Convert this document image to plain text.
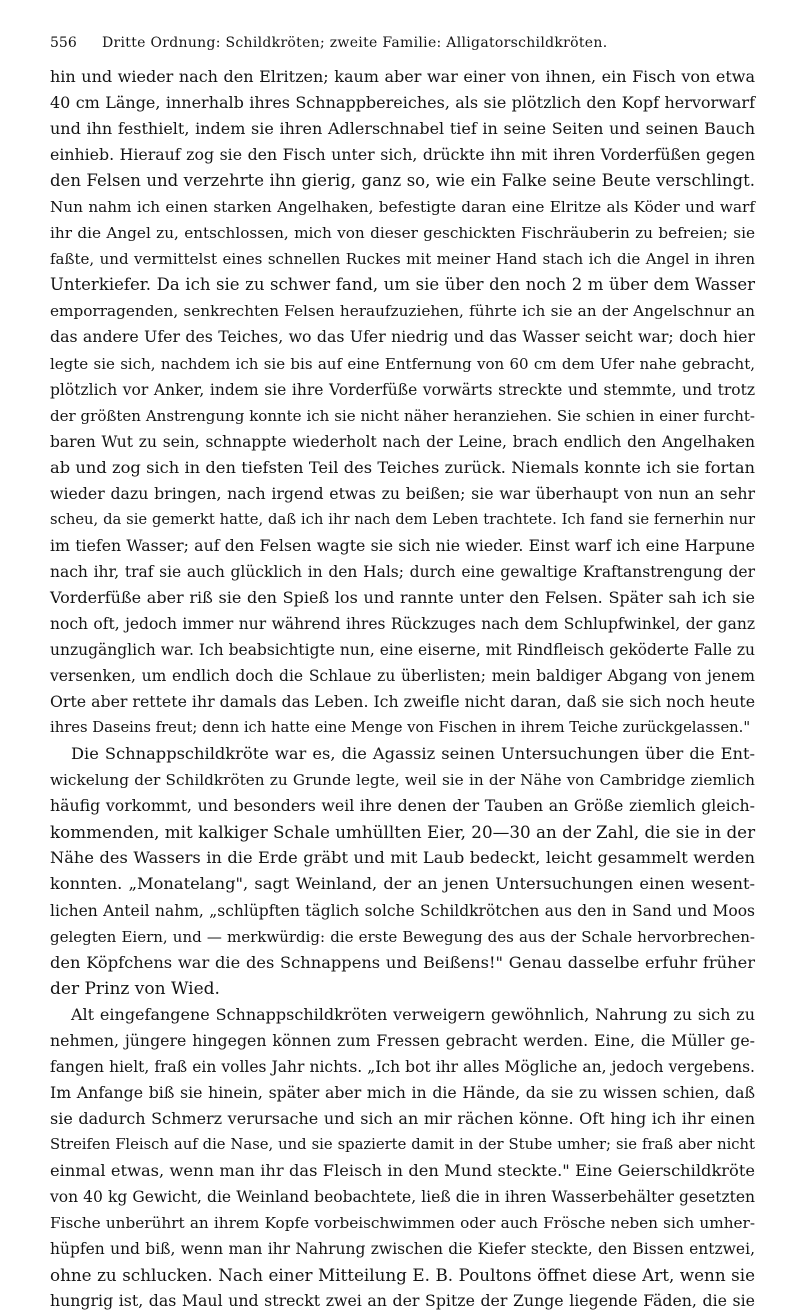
556	Dritte Ordnung: Schildkröten; zweite Familie: Alligatorschildkröten.
hin und wieder nach den Elritzen; kaum aber war einer von ihnen, ein Fisch von etwa
40 cm Länge, innerhalb ihres Schnappbereiches, als sie plötzlich den Kopf hervorwarf
und ihn festhielt, indem sie ihren Adlerschnabel tief in seine Seiten und seinen Bauch
einhieb. Hierauf zog sie den Fisch unter sich, drückte ihn mit ihren Vorderfüßen gegen
den Felsen und verzehrte ihn gierig, ganz so, wie ein Falke seine Beute verschlingt.
Nun nahm ich einen starken Angelhaken, befestigte daran eine Elritze als Köder und warf
ihr die Angel zu, entschlossen, mich von dieser geschickten Fischräuberin zu befreien; sie
faßte, und vermittelst eines schnellen Ruckes mit meiner Hand stach ich die Angel in ihren
Unterkiefer. Da ich sie zu schwer fand, um sie über den noch 2 m über dem Wasser
emporragenden, senkrechten Felsen heraufzuziehen, führte ich sie an der Angelschnur an
das andere Ufer des Teiches, wo das Ufer niedrig und das Wasser seicht war; doch hier
legte sie sich, nachdem ich sie bis auf eine Entfernung von 60 cm dem Ufer nahe gebracht,
plötzlich vor Anker, indem sie ihre Vorderfüße vorwärts streckte und stemmte, und trotz
der größten Anstrengung konnte ich sie nicht näher heranziehen. Sie schien in einer furcht-
baren Wut zu sein, schnappte wiederholt nach der Leine, brach endlich den Angelhaken
ab und zog sich in den tiefsten Teil des Teiches zurück. Niemals konnte ich sie fortan
wieder dazu bringen, nach irgend etwas zu beißen; sie war überhaupt von nun an sehr
scheu, da sie gemerkt hatte, daß ich ihr nach dem Leben trachtete. Ich fand sie fernerhin nur
im tiefen Wasser; auf den Felsen wagte sie sich nie wieder. Einst warf ich eine Harpune
nach ihr, traf sie auch glücklich in den Hals; durch eine gewaltige Kraftanstrengung der
Vorderfüße aber riß sie den Spieß los und rannte unter den Felsen. Später sah ich sie
noch oft, jedoch immer nur während ihres Rückzuges nach dem Schlupfwinkel, der ganz
unzugänglich war. Ich beabsichtigte nun, eine eiserne, mit Rindfleisch geköderte Falle zu
versenken, um endlich doch die Schlaue zu überlisten; mein baldiger Abgang von jenem
Orte aber rettete ihr damals das Leben. Ich zweifle nicht daran, daß sie sich noch heute
ihres Daseins freut; denn ich hatte eine Menge von Fischen in ihrem Teiche zurückgelassen."
Die Schnappschildkröte war es, die Agassiz seinen Untersuchungen über die Ent-
wickelung der Schildkröten zu Grunde legte, weil sie in der Nähe von Cambridge ziemlich
häufig vorkommt, und besonders weil ihre denen der Tauben an Größe ziemlich gleich-
kommenden, mit kalkiger Schale umhüllten Eier, 20—30 an der Zahl, die sie in der
Nähe des Wassers in die Erde gräbt und mit Laub bedeckt, leicht gesammelt werden
konnten. „Monatelang", sagt Weinland, der an jenen Untersuchungen einen wesent-
lichen Anteil nahm, „schlüpften täglich solche Schildkrötchen aus den in Sand und Moos
gelegten Eiern, und — merkwürdig: die erste Bewegung des aus der Schale hervorbrechen-
den Köpfchens war die des Schnappens und Beißens!" Genau dasselbe erfuhr früher
der Prinz von Wied.
Alt eingefangene Schnappschildkröten verweigern gewöhnlich, Nahrung zu sich zu
nehmen, jüngere hingegen können zum Fressen gebracht werden. Eine, die Müller ge-
fangen hielt, fraß ein volles Jahr nichts. „Ich bot ihr alles Mögliche an, jedoch vergebens.
Im Anfange biß sie hinein, später aber mich in die Hände, da sie zu wissen schien, daß
sie dadurch Schmerz verursache und sich an mir rächen könne. Oft hing ich ihr einen
Streifen Fleisch auf die Nase, und sie spazierte damit in der Stube umher; sie fraß aber nicht
einmal etwas, wenn man ihr das Fleisch in den Mund steckte." Eine Geierschildkröte
von 40 kg Gewicht, die Weinland beobachtete, ließ die in ihren Wasserbehälter gesetzten
Fische unberührt an ihrem Kopfe vorbeischwimmen oder auch Frösche neben sich umher-
hüpfen und biß, wenn man ihr Nahrung zwischen die Kiefer steckte, den Bissen entzwei,
ohne zu schlucken. Nach einer Mitteilung E. B. Poultons öffnet diese Art, wenn sie
hungrig ist, das Maul und streckt zwei an der Spitze der Zunge liegende Fäden, die sie
